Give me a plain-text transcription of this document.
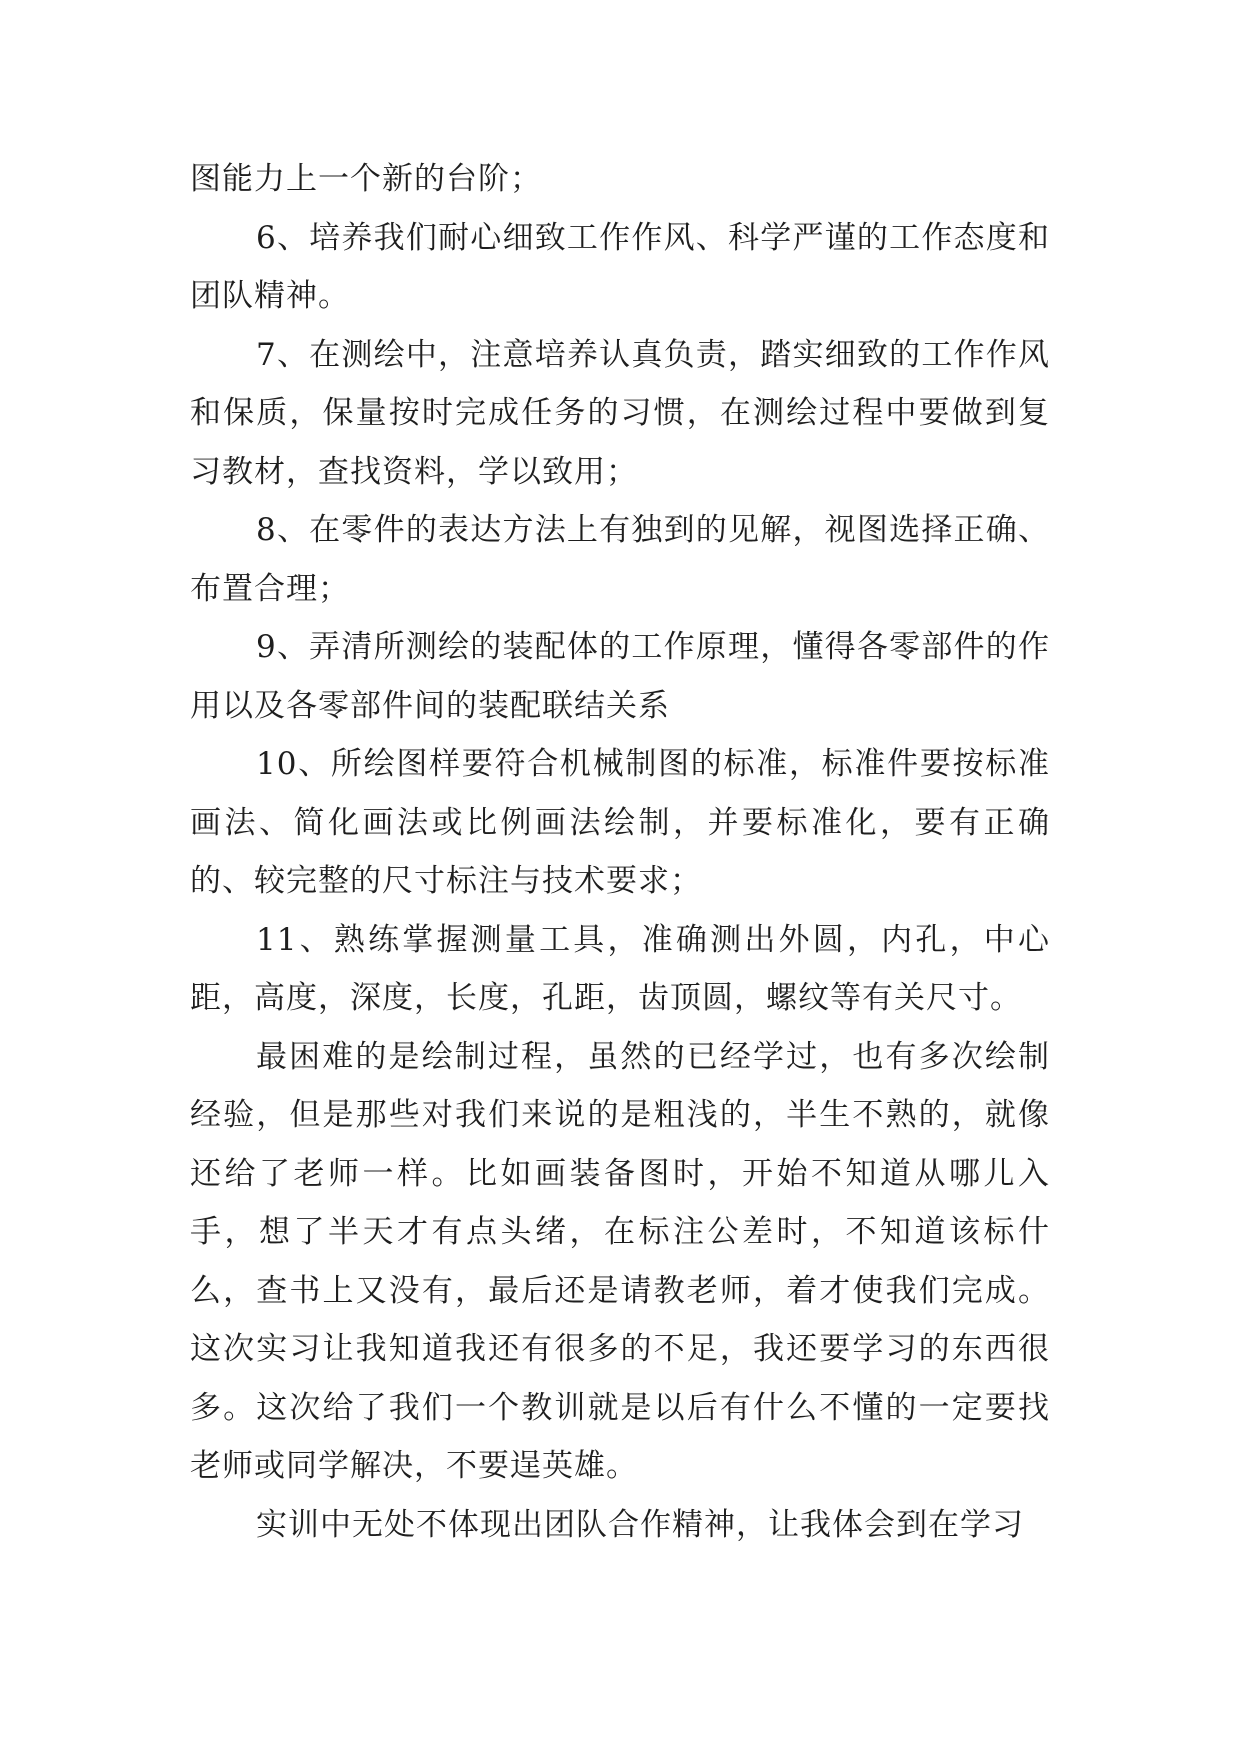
图能力上一个新的台阶；

6、培养我们耐心细致工作作风、科学严谨的工作态度和团队精神。

7、在测绘中，注意培养认真负责，踏实细致的工作作风和保质，保量按时完成任务的习惯，在测绘过程中要做到复习教材，查找资料，学以致用；

8、在零件的表达方法上有独到的见解，视图选择正确、布置合理；

9、弄清所测绘的装配体的工作原理，懂得各零部件的作用以及各零部件间的装配联结关系

10、所绘图样要符合机械制图的标准，标准件要按标准画法、简化画法或比例画法绘制，并要标准化，要有正确的、较完整的尺寸标注与技术要求；

11、熟练掌握测量工具，准确测出外圆，内孔，中心距，高度，深度，长度，孔距，齿顶圆，螺纹等有关尺寸。

最困难的是绘制过程，虽然的已经学过，也有多次绘制经验，但是那些对我们来说的是粗浅的，半生不熟的，就像还给了老师一样。比如画装备图时，开始不知道从哪儿入手，想了半天才有点头绪，在标注公差时，不知道该标什么，查书上又没有，最后还是请教老师，着才使我们完成。这次实习让我知道我还有很多的不足，我还要学习的东西很多。这次给了我们一个教训就是以后有什么不懂的一定要找老师或同学解决，不要逞英雄。

实训中无处不体现出团队合作精神，让我体会到在学习
